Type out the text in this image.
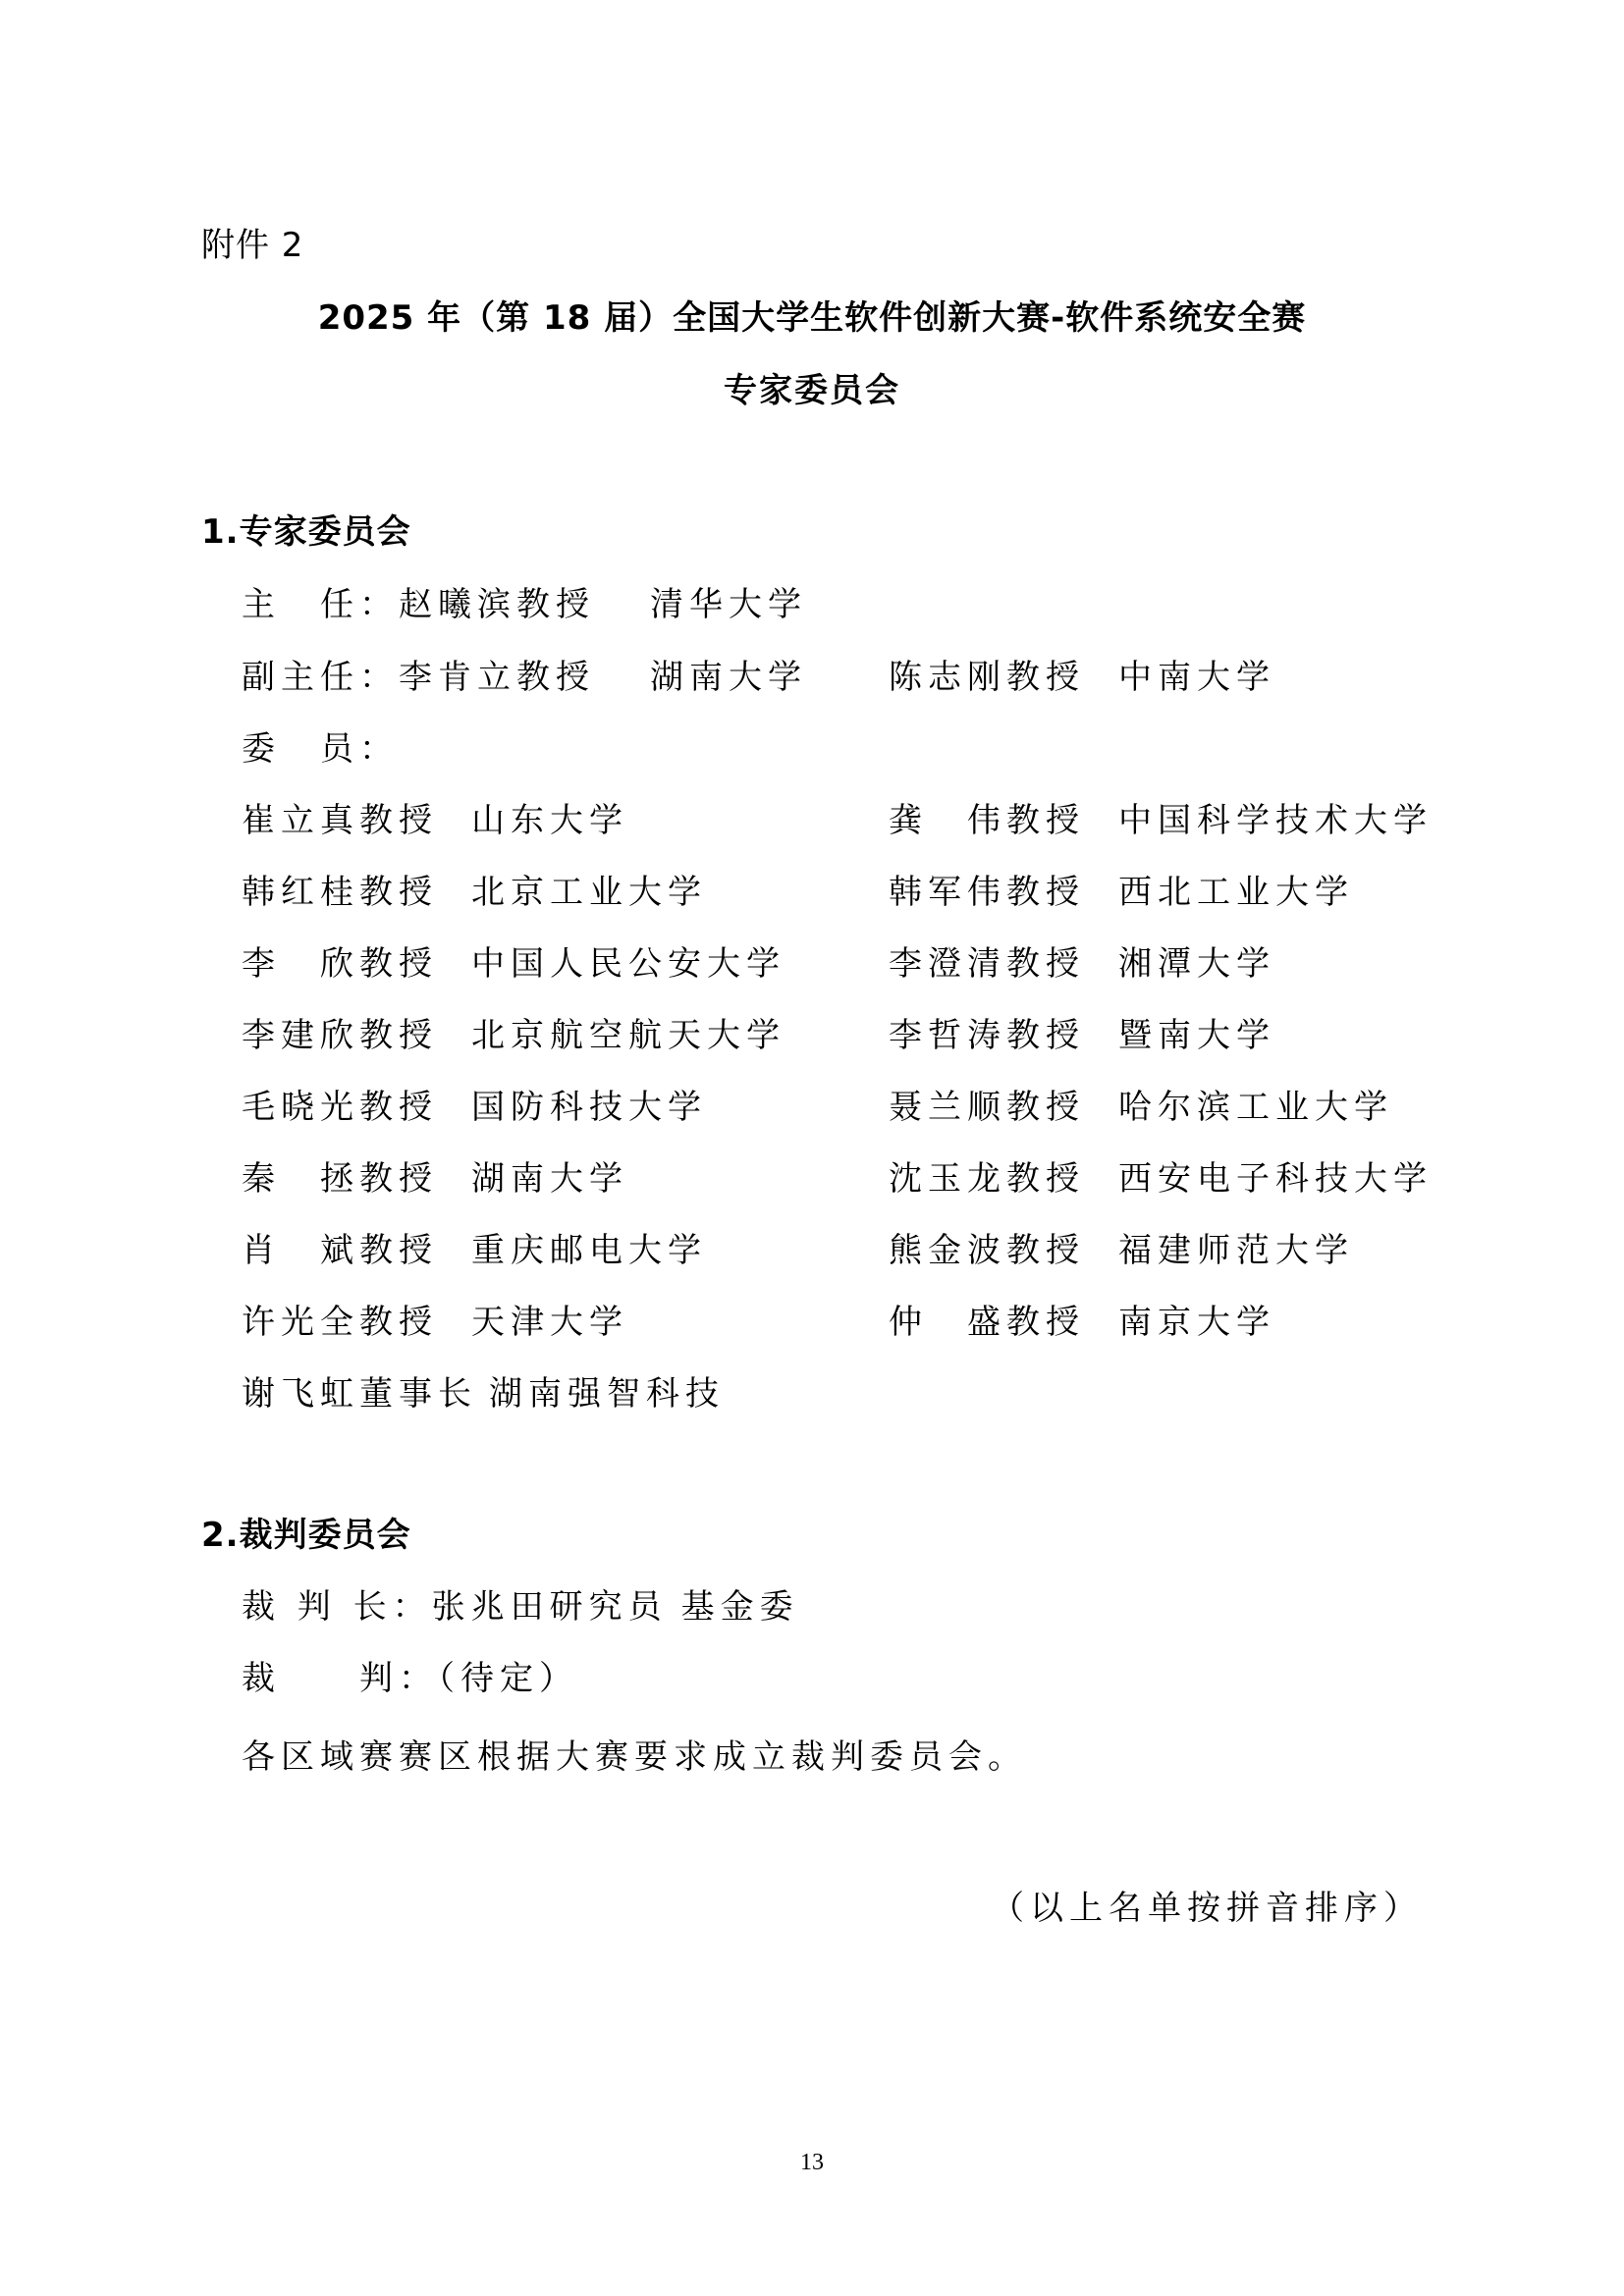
附件 2
2025 年（第 18 届）全国大学生软件创新大赛-软件系统安全赛
专家委员会
1.专家委员会
主　任：赵曦滨教授 清华大学
副主任：李肯立教授 湖南大学 陈志刚教授 中南大学
委　员：
崔立真教授 山东大学
韩红桂教授 北京工业大学
李　欣教授 中国人民公安大学
李建欣教授 北京航空航天大学
毛晓光教授 国防科技大学
秦　拯教授 湖南大学
肖　斌教授 重庆邮电大学
许光全教授 天津大学
谢飞虹董事长 湖南强智科技
龚　伟教授 中国科学技术大学
韩军伟教授 西北工业大学
李澄清教授 湘潭大学
李哲涛教授 暨南大学
聂兰顺教授 哈尔滨工业大学
沈玉龙教授 西安电子科技大学
熊金波教授 福建师范大学
仲　盛教授 南京大学
2.裁判委员会
裁 判 长：张兆田研究员 基金委
裁　　判：（待定）
各区域赛赛区根据大赛要求成立裁判委员会。
（以上名单按拼音排序）
13
